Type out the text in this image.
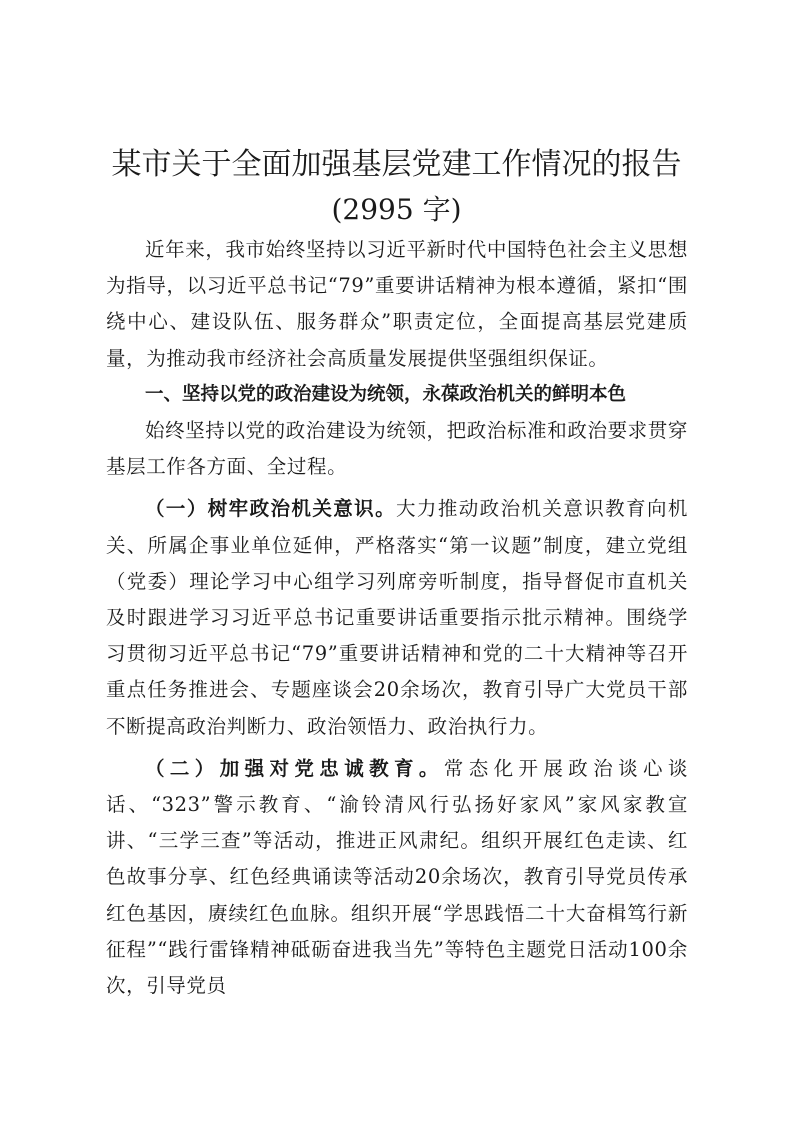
某市关于全面加强基层党建工作情况的报告
(2995 字)

近年来，我市始终坚持以习近平新时代中国特色社会主义思想为指导，以习近平总书记“79”重要讲话精神为根本遵循，紧扣“围绕中心、建设队伍、服务群众”职责定位，全面提高基层党建质量，为推动我市经济社会高质量发展提供坚强组织保证。

一、坚持以党的政治建设为统领，永葆政治机关的鲜明本色

始终坚持以党的政治建设为统领，把政治标准和政治要求贯穿基层工作各方面、全过程。

（一）树牢政治机关意识。大力推动政治机关意识教育向机关、所属企事业单位延伸，严格落实“第一议题”制度，建立党组（党委）理论学习中心组学习列席旁听制度，指导督促市直机关及时跟进学习习近平总书记重要讲话重要指示批示精神。围绕学习贯彻习近平总书记“79”重要讲话精神和党的二十大精神等召开重点任务推进会、专题座谈会20余场次，教育引导广大党员干部不断提高政治判断力、政治领悟力、政治执行力。

（二）加强对党忠诚教育。常态化开展政治谈心谈话、“323”警示教育、“渝铃清风行弘扬好家风”家风家教宣讲、“三学三查”等活动，推进正风肃纪。组织开展红色走读、红色故事分享、红色经典诵读等活动20余场次，教育引导党员传承红色基因，赓续红色血脉。组织开展“学思践悟二十大奋楫笃行新征程”“践行雷锋精神砥砺奋进我当先”等特色主题党日活动100余次，引导党员
